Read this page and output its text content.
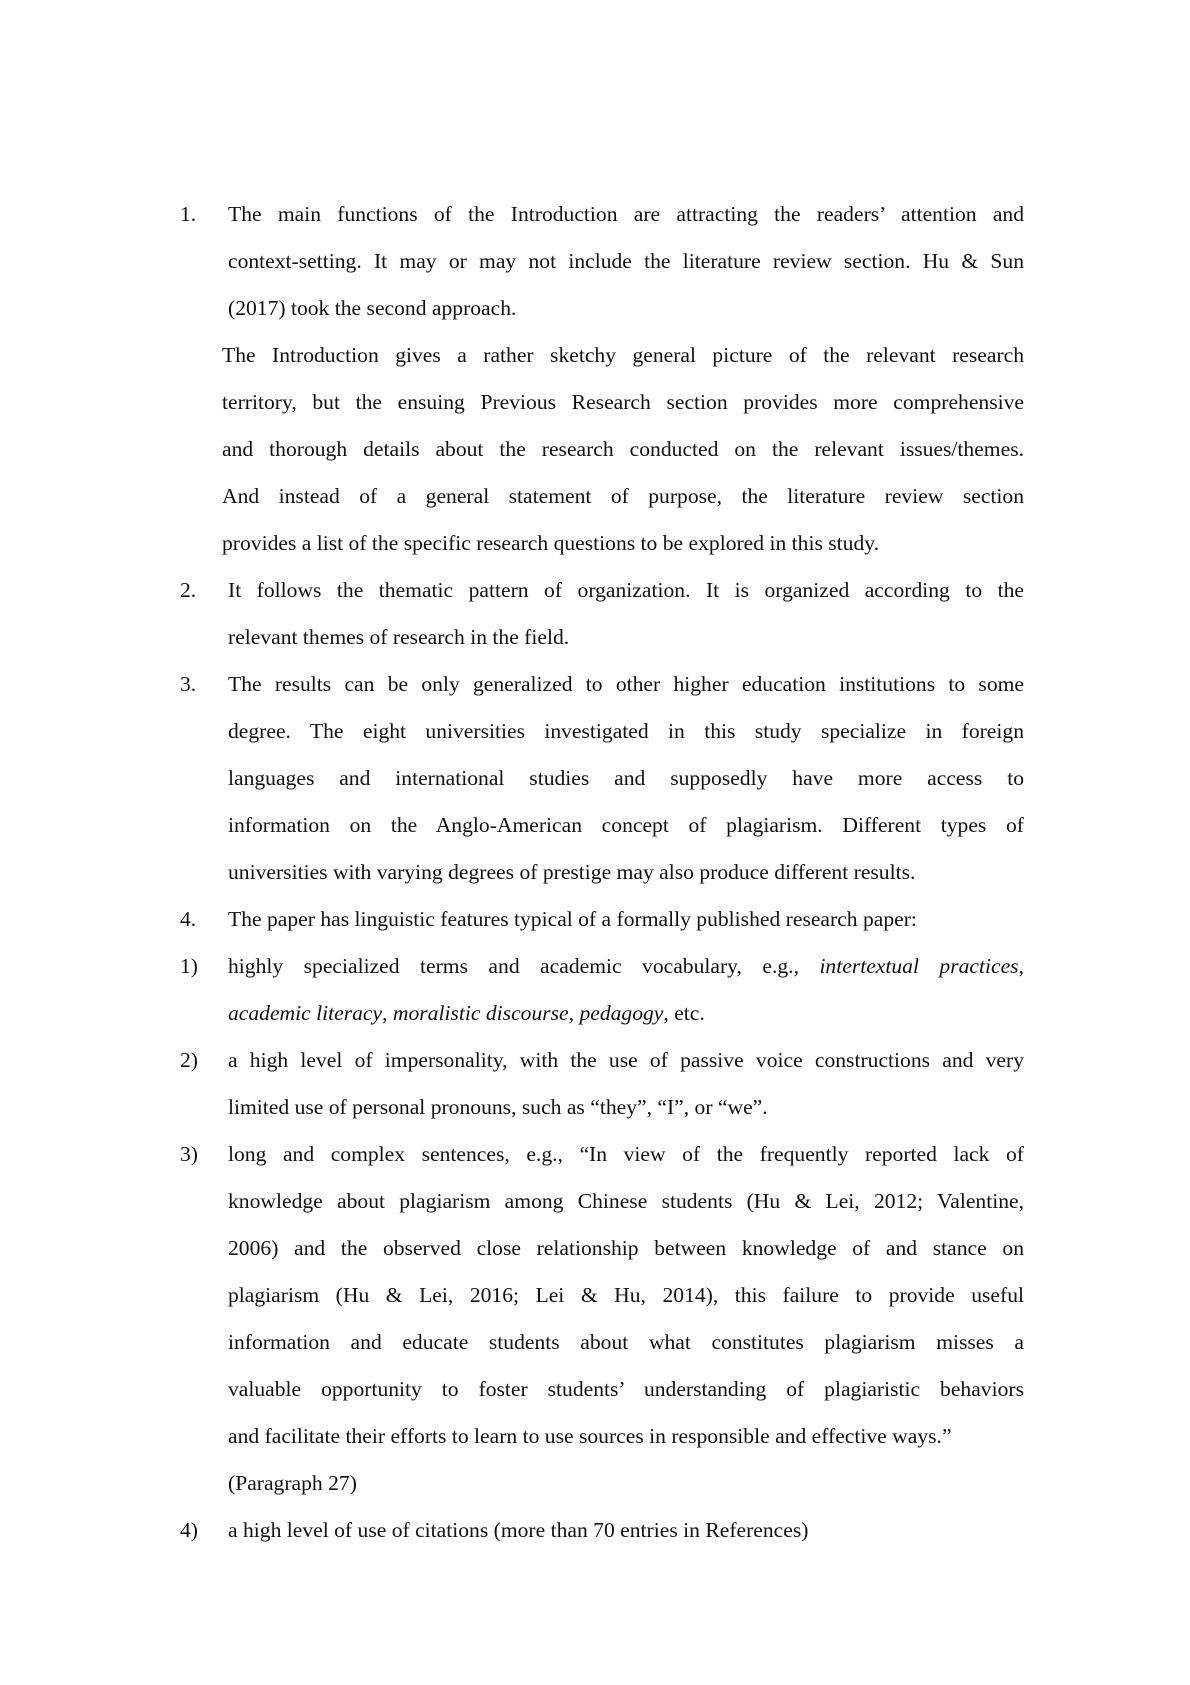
1. The main functions of the Introduction are attracting the readers’ attention and
context-setting. It may or may not include the literature review section. Hu & Sun
(2017) took the second approach.
The Introduction gives a rather sketchy general picture of the relevant research
territory, but the ensuing Previous Research section provides more comprehensive
and thorough details about the research conducted on the relevant issues/themes.
And instead of a general statement of purpose, the literature review section
provides a list of the specific research questions to be explored in this study.
2. It follows the thematic pattern of organization. It is organized according to the
relevant themes of research in the field.
3. The results can be only generalized to other higher education institutions to some
degree. The eight universities investigated in this study specialize in foreign
languages and international studies and supposedly have more access to
information on the Anglo-American concept of plagiarism. Different types of
universities with varying degrees of prestige may also produce different results.
4. The paper has linguistic features typical of a formally published research paper:
1) highly specialized terms and academic vocabulary, e.g., intertextual practices,
academic literacy, moralistic discourse, pedagogy, etc.
2) a high level of impersonality, with the use of passive voice constructions and very
limited use of personal pronouns, such as “they”, “I”, or “we”.
3) long and complex sentences, e.g., “In view of the frequently reported lack of
knowledge about plagiarism among Chinese students (Hu & Lei, 2012; Valentine,
2006) and the observed close relationship between knowledge of and stance on
plagiarism (Hu & Lei, 2016; Lei & Hu, 2014), this failure to provide useful
information and educate students about what constitutes plagiarism misses a
valuable opportunity to foster students’ understanding of plagiaristic behaviors
and facilitate their efforts to learn to use sources in responsible and effective ways.”
(Paragraph 27)
4) a high level of use of citations (more than 70 entries in References)
